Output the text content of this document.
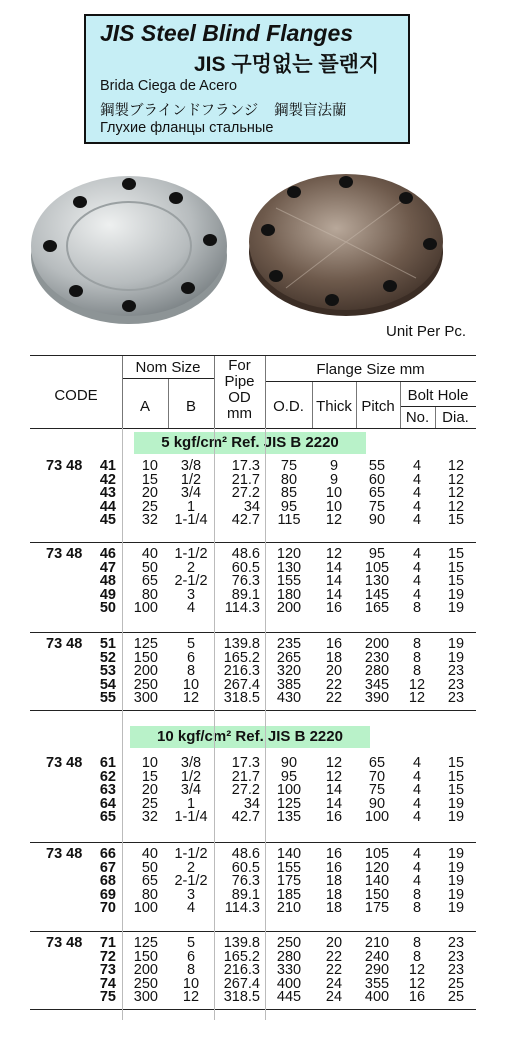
JIS Steel Blind Flanges
JIS 구멍없는 플랜지
Brida Ciega de Acero
鋼製ブラインドフランジ 鋼製盲法蘭
Глухие фланцы стальные
Unit Per Pc.
CODE
Nom Size
A	B
For
Pipe
OD
mm
Flange Size mm
O.D. Thick Pitch
Bolt Hole
No. Dia.
5 kgf/cm² Ref. JIS B 2220
73 48	41	10	3/8	17.3	75	9	55	4	12
42	15	1/2	21.7	80	9	60	4	12
43	20	3/4	27.2	85	10	65	4	12
44	25	1	34	95	10	75	4	12
45	32	1-1/4	42.7	115	12	90	4	15
73 48	46	40	1-1/2	48.6	120	12	95	4	15
47	50	2	60.5	130	14	105	4	15
48	65	2-1/2	76.3	155	14	130	4	15
49	80	3	89.1	180	14	145	4	19
50	100	4	114.3	200	16	165	8	19
73 48	51	125	5	139.8	235	16	200	8	19
52	150	6	165.2	265	18	230	8	19
53	200	8	216.3	320	20	280	8	23
54	250	10	267.4	385	22	345	12	23
55	300	12	318.5	430	22	390	12	23
10 kgf/cm² Ref. JIS B 2220
73 48	61	10	3/8	17.3	90	12	65	4	15
62	15	1/2	21.7	95	12	70	4	15
63	20	3/4	27.2	100	14	75	4	15
64	25	1	34	125	14	90	4	19
65	32	1-1/4	42.7	135	16	100	4	19
73 48	66	40	1-1/2	48.6	140	16	105	4	19
67	50	2	60.5	155	16	120	4	19
68	65	2-1/2	76.3	175	18	140	4	19
69	80	3	89.1	185	18	150	8	19
70	100	4	114.3	210	18	175	8	19
73 48	71	125	5	139.8	250	20	210	8	23
72	150	6	165.2	280	22	240	8	23
73	200	8	216.3	330	22	290	12	23
74	250	10	267.4	400	24	355	12	25
75	300	12	318.5	445	24	400	16	25
